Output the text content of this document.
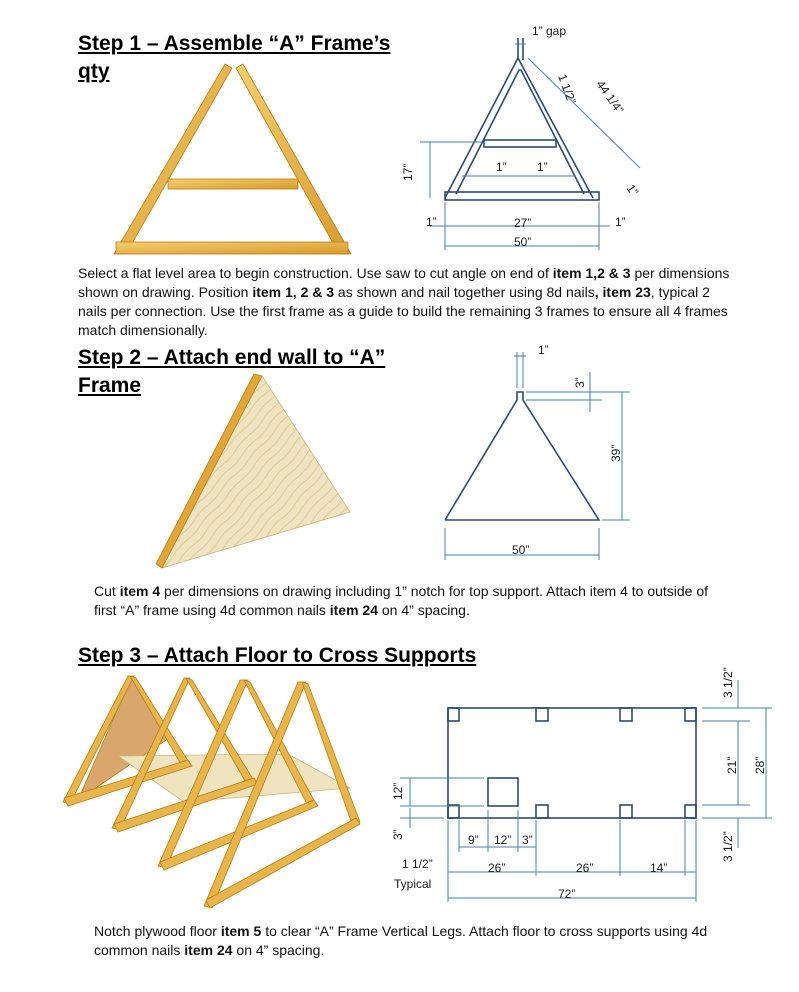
Step 1 – Assemble “A” Frame’s
qty
1” gap
1 1/2” 44 1/4”
1”
17”	1”	1”
1”	27”	1”
50”
Select a flat level area to begin construction. Use saw to cut angle on end of item 1,2 & 3 per dimensions shown on drawing. Position item 1, 2 & 3 as shown and nail together using 8d nails, item 23, typical 2 nails per connection. Use the first frame as a guide to build the remaining 3 frames to ensure all 4 frames match dimensionally.
Step 2 – Attach end wall to “A”
Frame
1”
3”
39”
50”
Cut item 4 per dimensions on drawing including 1” notch for top support. Attach item 4 to outside of first “A” frame using 4d common nails item 24 on 4” spacing.
Step 3 – Attach Floor to Cross Supports
3 1/2”
21” 28”
3 1/2”
12”
3”	9” 12” 3”
1 1/2”
Typical
26”	26”	14”
72”
Notch plywood floor item 5 to clear “A” Frame Vertical Legs. Attach floor to cross supports using 4d common nails item 24 on 4” spacing.
